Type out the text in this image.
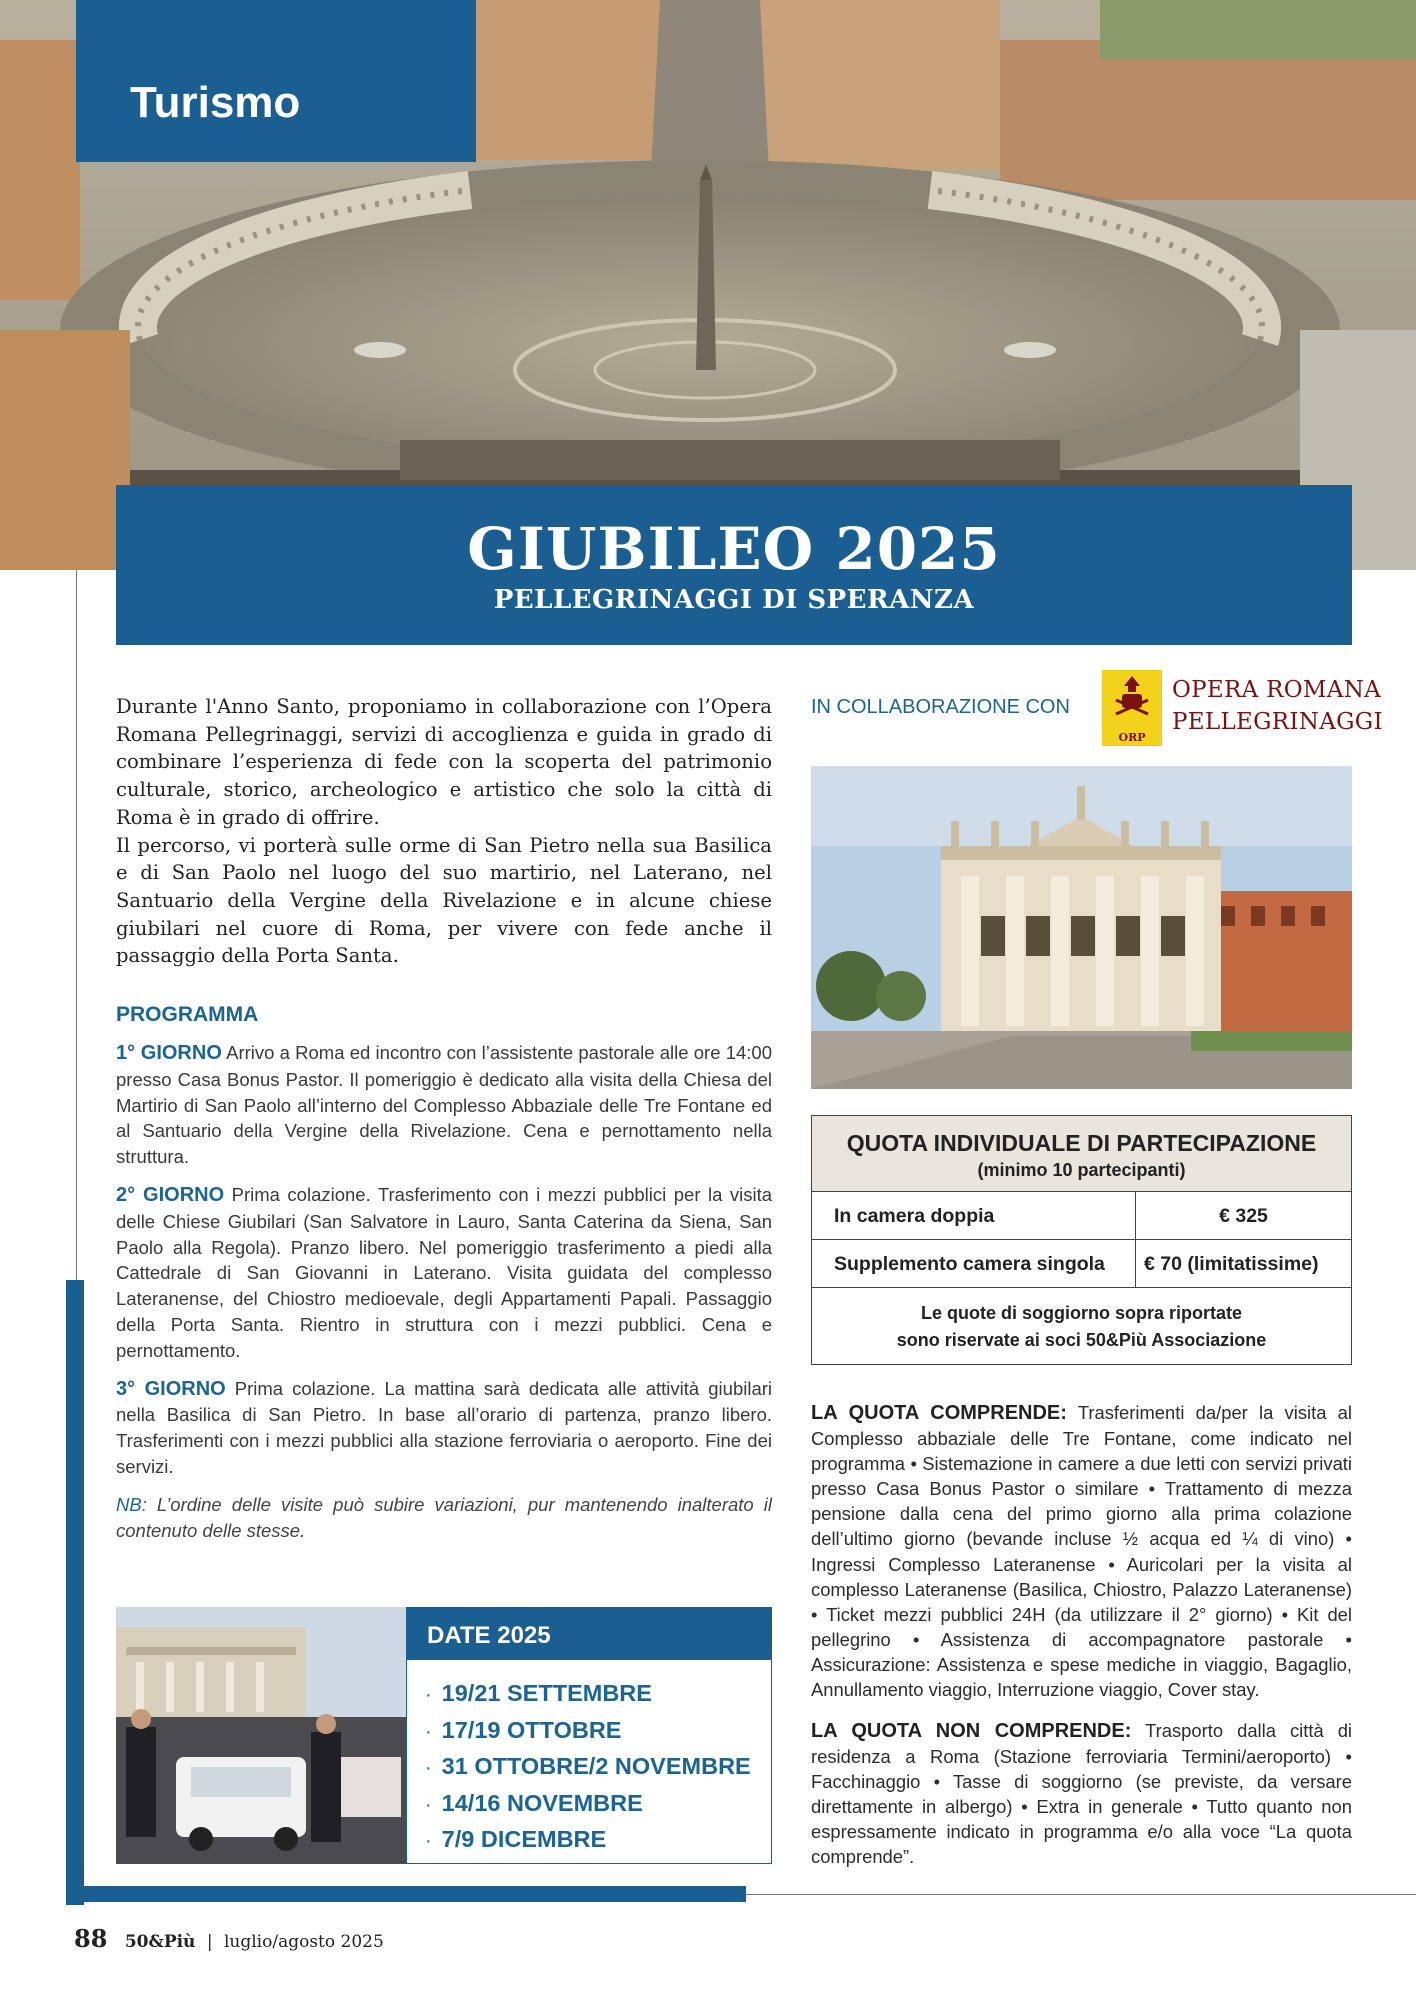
Turismo
GIUBILEO 2025
PELLEGRINAGGI DI SPERANZA

Durante l'Anno Santo, proponiamo in collaborazione con l’Opera Romana Pellegrinaggi, servizi di accoglienza e guida in grado di combinare l’esperienza di fede con la scoperta del patrimonio culturale, storico, archeologico e artistico che solo la città di Roma è in grado di offrire.

Il percorso, vi porterà sulle orme di San Pietro nella sua Basilica e di San Paolo nel luogo del suo martirio, nel Laterano, nel Santuario della Vergine della Rivelazione e in alcune chiese giubilari nel cuore di Roma, per vivere con fede anche il passaggio della Porta Santa.

PROGRAMMA

1° GIORNO Arrivo a Roma ed incontro con l’assistente pastorale alle ore 14:00 presso Casa Bonus Pastor. Il pomeriggio è dedicato alla visita della Chiesa del Martirio di San Paolo all’interno del Complesso Abbaziale delle Tre Fontane ed al Santuario della Vergine della Rivelazione. Cena e pernottamento nella struttura.

2° GIORNO Prima colazione. Trasferimento con i mezzi pubblici per la visita delle Chiese Giubilari (San Salvatore in Lauro, Santa Caterina da Siena, San Paolo alla Regola). Pranzo libero. Nel pomeriggio trasferimento a piedi alla Cattedrale di San Giovanni in Laterano. Visita guidata del complesso Lateranense, del Chiostro medioevale, degli Appartamenti Papali. Passaggio della Porta Santa. Rientro in struttura con i mezzi pubblici. Cena e pernottamento.

3° GIORNO Prima colazione. La mattina sarà dedicata alle attività giubilari nella Basilica di San Pietro. In base all’orario di partenza, pranzo libero. Trasferimenti con i mezzi pubblici alla stazione ferroviaria o aeroporto. Fine dei servizi.

NB: L’ordine delle visite può subire variazioni, pur mantenendo inalterato il contenuto delle stesse.

DATE 2025
· 19/21 SETTEMBRE
· 17/19 OTTOBRE
· 31 OTTOBRE/2 NOVEMBRE
· 14/16 NOVEMBRE
· 7/9 DICEMBRE
IN COLLABORAZIONE CON
ORP
OPERA ROMANA
PELLEGRINAGGI
QUOTA INDIVIDUALE DI PARTECIPAZIONE
(minimo 10 partecipanti)
In camera doppia	€ 325
Supplemento camera singola	€ 70 (limitatissime)
Le quote di soggiorno sopra riportate
sono riservate ai soci 50&Più Associazione
LA QUOTA COMPRENDE: Trasferimenti da/per la visita al Complesso abbaziale delle Tre Fontane, come indicato nel programma • Sistemazione in camere a due letti con servizi privati presso Casa Bonus Pastor o similare • Trattamento di mezza pensione dalla cena del primo giorno alla prima colazione dell’ultimo giorno (bevande incluse ½ acqua ed ¼ di vino) • Ingressi Complesso Lateranense • Auricolari per la visita al complesso Lateranense (Basilica, Chiostro, Palazzo Lateranense) • Ticket mezzi pubblici 24H (da utilizzare il 2° giorno) • Kit del pellegrino • Assistenza di accompagnatore pastorale • Assicurazione: Assistenza e spese mediche in viaggio, Bagaglio, Annullamento viaggio, Interruzione viaggio, Cover stay.
LA QUOTA NON COMPRENDE: Trasporto dalla città di residenza a Roma (Stazione ferroviaria Termini/aeroporto) • Facchinaggio • Tasse di soggiorno (se previste, da versare direttamente in albergo) • Extra in generale • Tutto quanto non espressamente indicato in programma e/o alla voce “La quota comprende”.
88 50&Più | luglio/agosto 2025
